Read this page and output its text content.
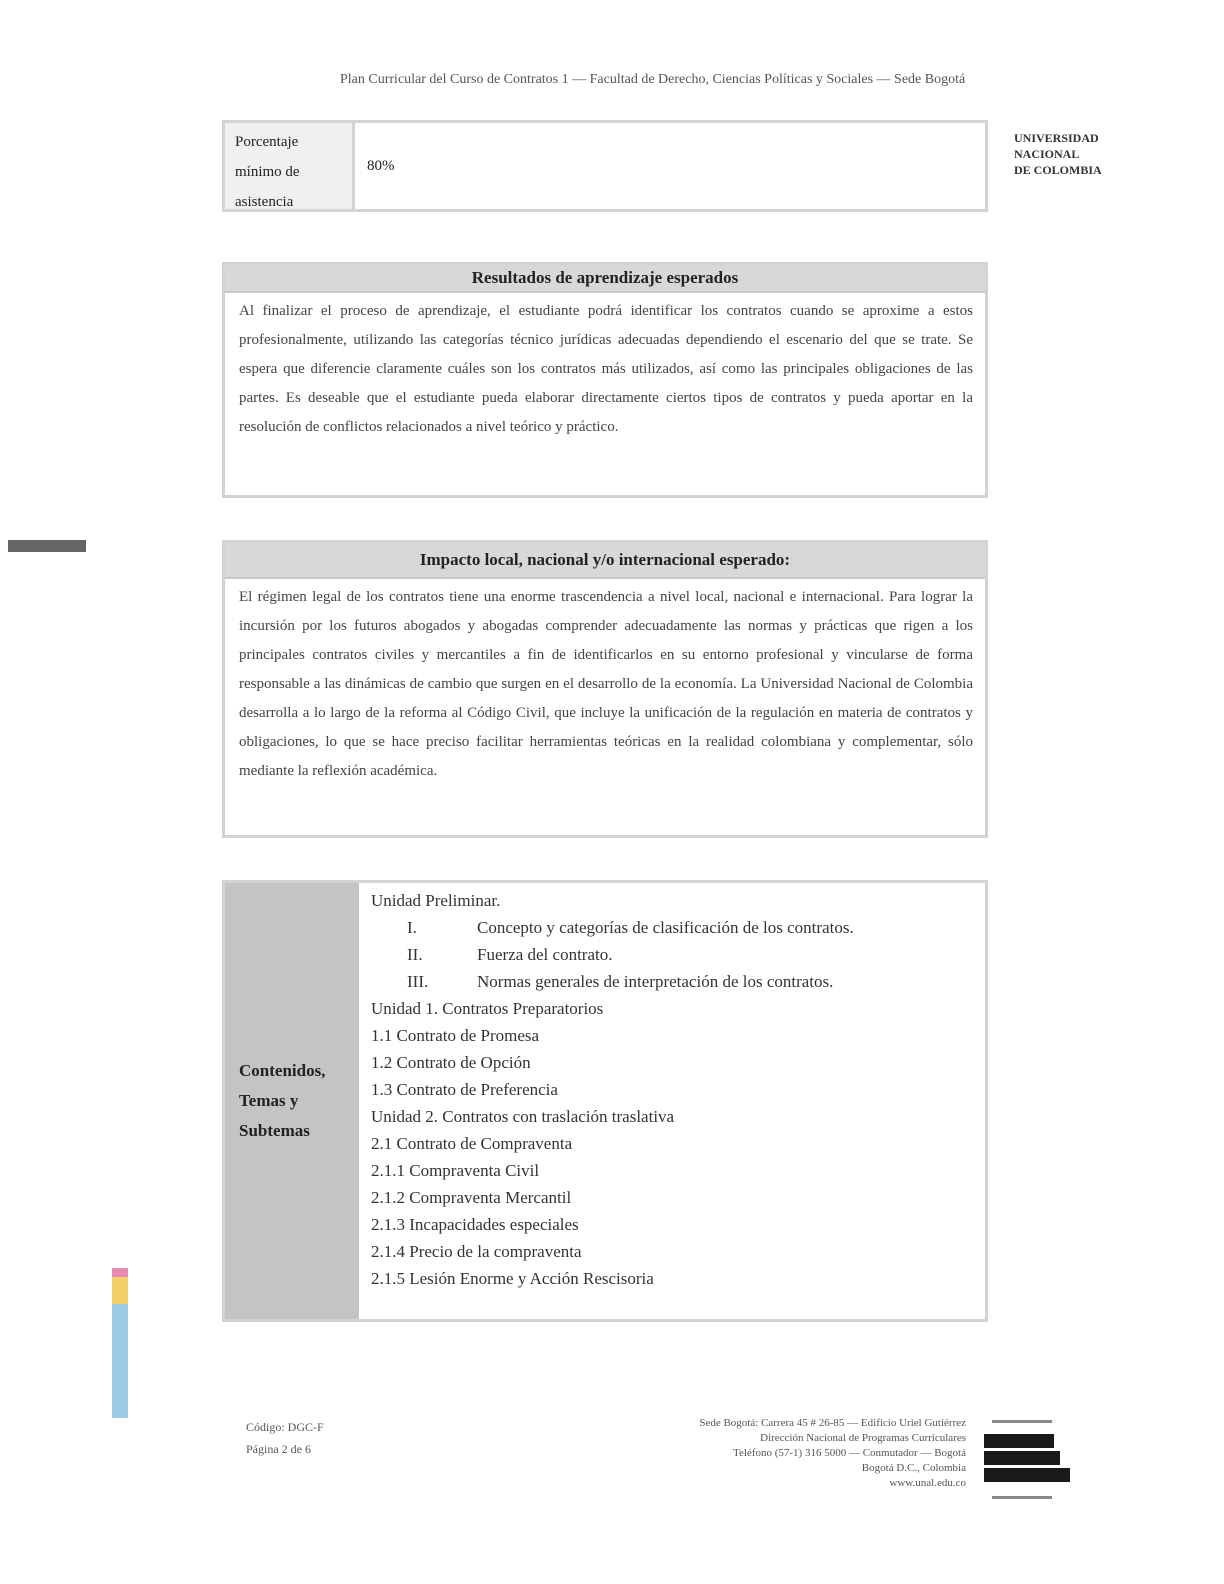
Plan Curricular del Curso de Contratos 1 — Facultad de Derecho, Ciencias Políticas y Sociales — Sede Bogotá
Porcentaje mínimo de asistencia
80%
UNIVERSIDAD
NACIONAL
DE COLOMBIA
Resultados de aprendizaje esperados
Al finalizar el proceso de aprendizaje, el estudiante podrá identificar los contratos cuando se aproxime a estos profesionalmente, utilizando las categorías técnico jurídicas adecuadas dependiendo el escenario del que se trate. Se espera que diferencie claramente cuáles son los contratos más utilizados, así como las principales obligaciones de las partes. Es deseable que el estudiante pueda elaborar directamente ciertos tipos de contratos y pueda aportar en la resolución de conflictos relacionados a nivel teórico y práctico.
Impacto local, nacional y/o internacional esperado:
El régimen legal de los contratos tiene una enorme trascendencia a nivel local, nacional e internacional. Para lograr la incursión por los futuros abogados y abogadas comprender adecuadamente las normas y prácticas que rigen a los principales contratos civiles y mercantiles a fin de identificarlos en su entorno profesional y vincularse de forma responsable a las dinámicas de cambio que surgen en el desarrollo de la economía. La Universidad Nacional de Colombia desarrolla a lo largo de la reforma al Código Civil, que incluye la unificación de la regulación en materia de contratos y obligaciones, lo que se hace preciso facilitar herramientas teóricas en la realidad colombiana y complementar, sólo mediante la reflexión académica.
Contenidos, Temas y Subtemas
Unidad Preliminar.
I.	Concepto y categorías de clasificación de los contratos.
II.	Fuerza del contrato.
III.	Normas generales de interpretación de los contratos.
Unidad 1. Contratos Preparatorios
1.1 Contrato de Promesa
1.2 Contrato de Opción
1.3 Contrato de Preferencia
Unidad 2. Contratos con traslación traslativa
2.1 Contrato de Compraventa
2.1.1 Compraventa Civil
2.1.2 Compraventa Mercantil
2.1.3 Incapacidades especiales
2.1.4 Precio de la compraventa
2.1.5 Lesión Enorme y Acción Rescisoria
Código: DGC-F
Página 2 de 6
Sede Bogotá: Carrera 45 # 26-85 — Edificio Uriel Gutiérrez
Dirección Nacional de Programas Curriculares
Teléfono (57-1) 316 5000 — Conmutador — Bogotá
Bogotá D.C., Colombia
www.unal.edu.co
